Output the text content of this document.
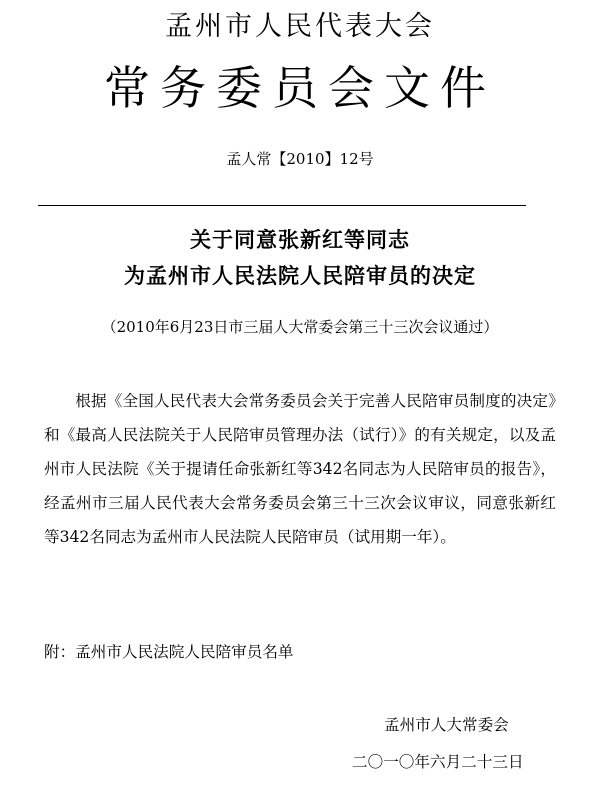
孟州市人民代表大会
常务委员会文件
孟人常【2010】12号
关于同意张新红等同志
为孟州市人民法院人民陪审员的决定
（2010年6月23日市三届人大常委会第三十三次会议通过）
根据《全国人民代表大会常务委员会关于完善人民陪审员制度的决定》和《最高人民法院关于人民陪审员管理办法（试行）》的有关规定，以及孟州市人民法院《关于提请任命张新红等342名同志为人民陪审员的报告》，经孟州市三届人民代表大会常务委员会第三十三次会议审议，同意张新红等342名同志为孟州市人民法院人民陪审员（试用期一年）。
附：孟州市人民法院人民陪审员名单
孟州市人大常委会
二〇一〇年六月二十三日
